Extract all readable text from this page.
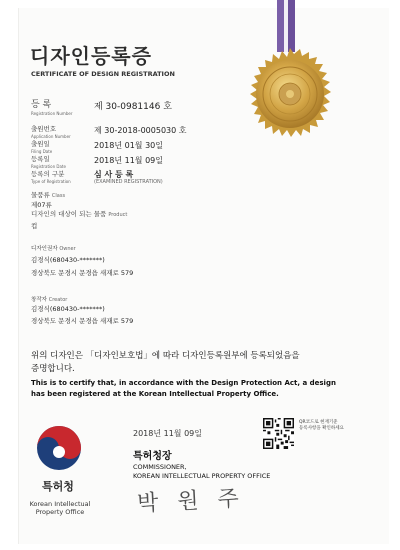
디자인등록증
CERTIFICATE OF DESIGN REGISTRATION
등 록
Registration Number
제 30-0981146 호
출원번호
Application Number
제 30-2018-0005030 호
출원일
Filing Date
2018년 01월 30일
등록일
Registration Date
2018년 11월 09일
등록의 구분
Type of Registration
심 사 등 록
(EXAMINED REGISTRATION)
물품류 Class
제07류
디자인의 대상이 되는 물품 Product
컵
디자인권자 Owner
김경식(680430-*******)
경상북도 문경시 문경읍 새재로 579
창작자 Creator
김경식(680430-*******)
경상북도 문경시 문경읍 새재로 579
위의 디자인은 「디자인보호법」에 따라 디자인등록원부에 등록되었음을
증명합니다.
This is to certify that, in accordance with the Design Protection Act, a design
has been registered at the Korean Intellectual Property Office.
특허청
Korean Intellectual
Property Office
2018년 11월 09일
특허청장
COMMISSIONER,
KOREAN INTELLECTUAL PROPERTY OFFICE
박 원 주
QR코드로 현재기준
등록사항을 확인하세요
